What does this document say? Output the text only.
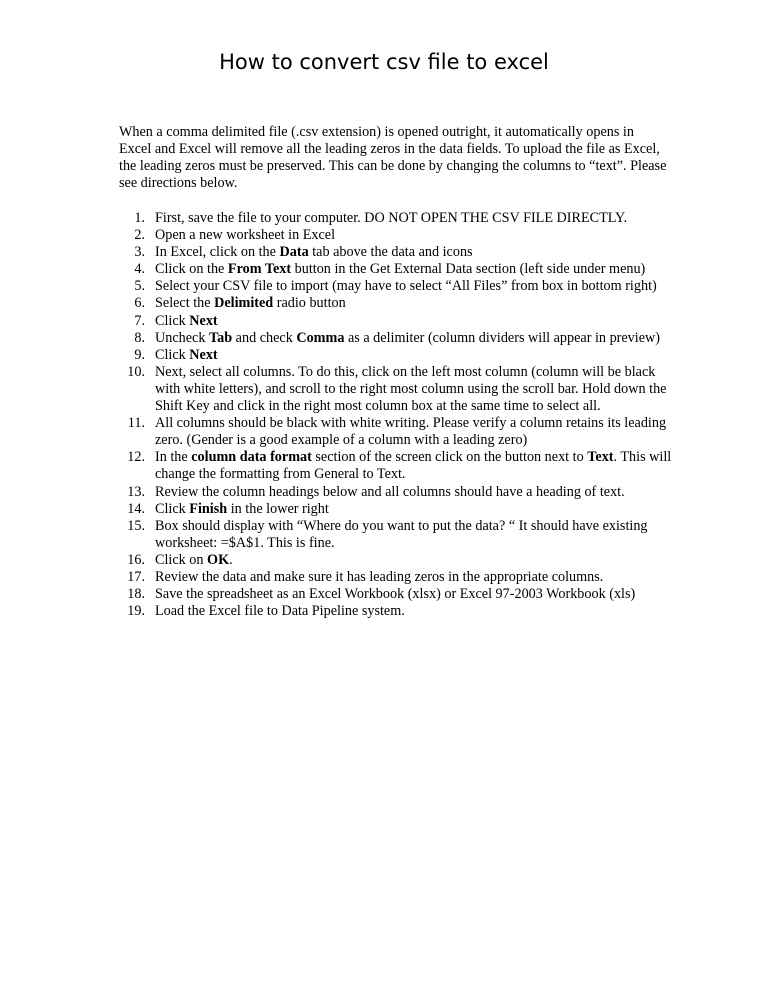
How to convert csv file to excel

When a comma delimited file (.csv extension) is opened outright, it automatically opens in Excel and Excel will remove all the leading zeros in the data fields. To upload the file as Excel, the leading zeros must be preserved. This can be done by changing the columns to “text”. Please see directions below.

1. First, save the file to your computer. DO NOT OPEN THE CSV FILE DIRECTLY.
2. Open a new worksheet in Excel
3. In Excel, click on the Data tab above the data and icons
4. Click on the From Text button in the Get External Data section (left side under menu)
5. Select your CSV file to import (may have to select “All Files” from box in bottom right)
6. Select the Delimited radio button
7. Click Next
8. Uncheck Tab and check Comma as a delimiter (column dividers will appear in preview)
9. Click Next
10. Next, select all columns. To do this, click on the left most column (column will be black with white letters), and scroll to the right most column using the scroll bar. Hold down the Shift Key and click in the right most column box at the same time to select all.
11. All columns should be black with white writing. Please verify a column retains its leading zero. (Gender is a good example of a column with a leading zero)
12. In the column data format section of the screen click on the button next to Text. This will change the formatting from General to Text.
13. Review the column headings below and all columns should have a heading of text.
14. Click Finish in the lower right
15. Box should display with “Where do you want to put the data? “ It should have existing worksheet: =$A$1. This is fine.
16. Click on OK.
17. Review the data and make sure it has leading zeros in the appropriate columns.
18. Save the spreadsheet as an Excel Workbook (xlsx) or Excel 97-2003 Workbook (xls)
19. Load the Excel file to Data Pipeline system.
